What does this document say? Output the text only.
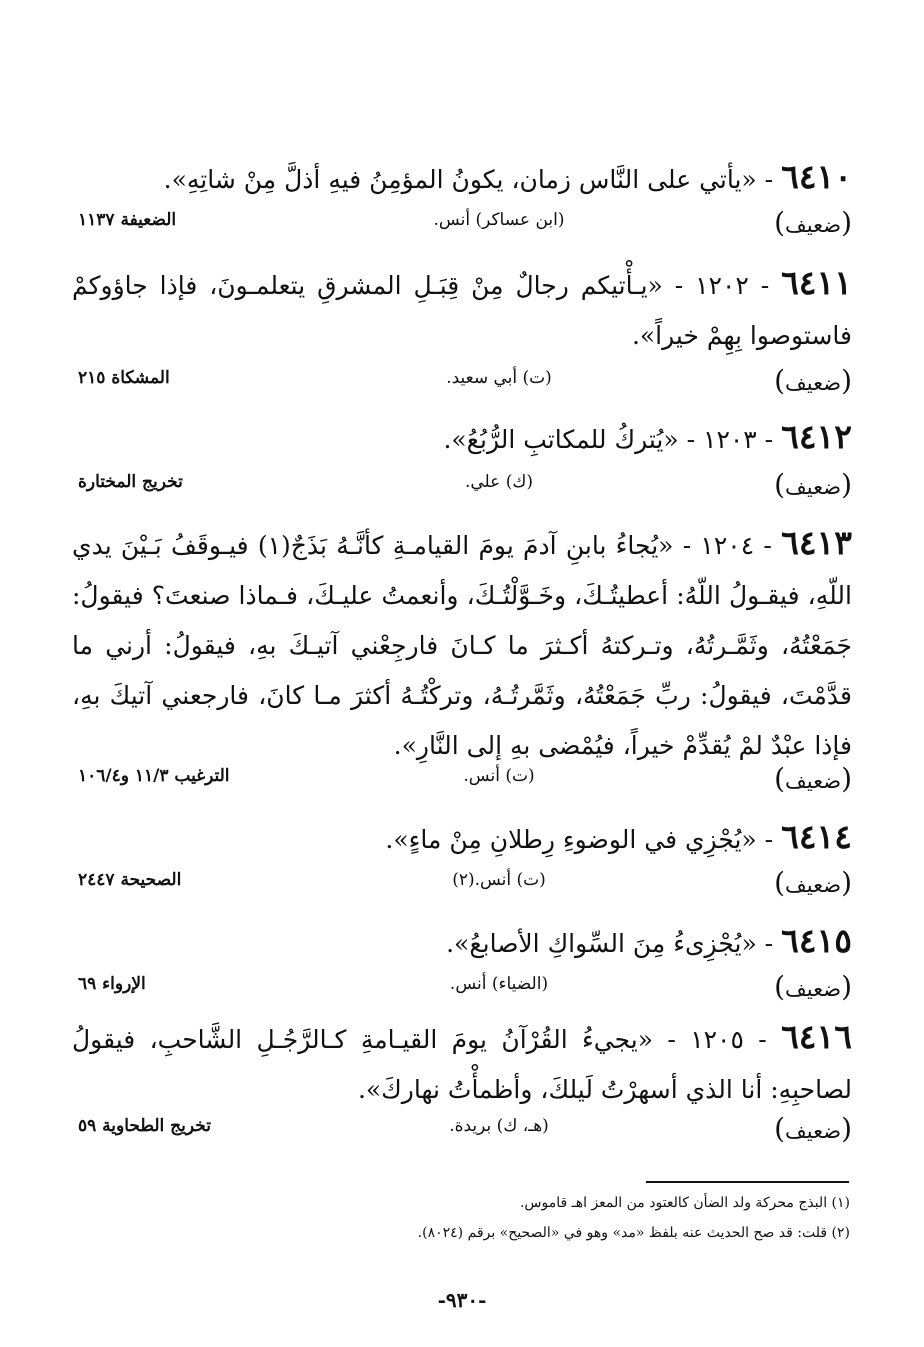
٦٤١٠ - «يأتي على النَّاس زمان، يكونُ المؤمِنُ فيهِ أذلَّ مِنْ شاتِهِ».
(ضعيف)
(ابن عساكر) أنس.
الضعيفة ١١٣٧
٦٤١١ - ١٢٠٢ - «يـأْتيكم رجالٌ مِنْ قِبَـلِ المشرقِ يتعلمـونَ، فإذا جاؤوكمْ فاستوصوا بِهِمْ خيراً».
(ضعيف)
(ت) أبي سعيد.
المشكاة ٢١٥
٦٤١٢ - ١٢٠٣ - «يُتركُ للمكاتبِ الرُّبُعُ».
(ضعيف)
(ك) علي.
تخريج المختارة
٦٤١٣ - ١٢٠٤ - «يُجاءُ بابنِ آدمَ يومَ القيامـةِ كأنَّـهُ بَذَجٌ(١) فيـوقَفُ بَـيْنَ يدي اللّهِ، فيقـولُ اللّهُ: أعطيتُـكَ، وخَـوَّلْتُـكَ، وأنعمتُ عليـكَ، فـماذا صنعتَ؟ فيقولُ: جَمَعْتُهُ، وثَمَّـرتُهُ، وتـركتهُ أكـثرَ ما كـانَ فارجِعْني آتيـكَ بهِ، فيقولُ: أرني ما قدَّمْتَ، فيقولُ: ربِّ جَمَعْتُهُ، وثَمَّرتُـهُ، وتركْتُـهُ أكثرَ مـا كانَ، فارجعني آتيكَ بهِ، فإذا عبْدٌ لمْ يُقدِّمْ خيراً، فيُمْضى بهِ إلى النَّارِ».
(ضعيف)
(ت) أنس.
الترغيب ١١/٣ و١٠٦/٤
٦٤١٤ - «يُجْزِي في الوضوءِ رِطلانِ مِنْ ماءٍ».
(ضعيف)
(ت) أنس.(٢)
الصحيحة ٢٤٤٧
٦٤١٥ - «يُجْزِىءُ مِنَ السِّواكِ الأصابعُ».
(ضعيف)
(الضياء) أنس.
الإرواء ٦٩
٦٤١٦ - ١٢٠٥ - «يجيءُ القُرْآنُ يومَ القيـامةِ كـالرَّجُـلِ الشَّاحبِ، فيقولُ لصاحبِهِ: أنا الذي أسهرْتُ لَيلكَ، وأظمأْتُ نهاركَ».
(ضعيف)
(هـ، ك) بريدة.
تخريج الطحاوية ٥٩
(١) البذج محركة ولد الضأن كالعتود من المعز اهـ قاموس.
(٢) قلت: قد صح الحديث عنه بلفظ «مد» وهو في «الصحيح» برقم (٨٠٢٤).
-٩٣٠-
